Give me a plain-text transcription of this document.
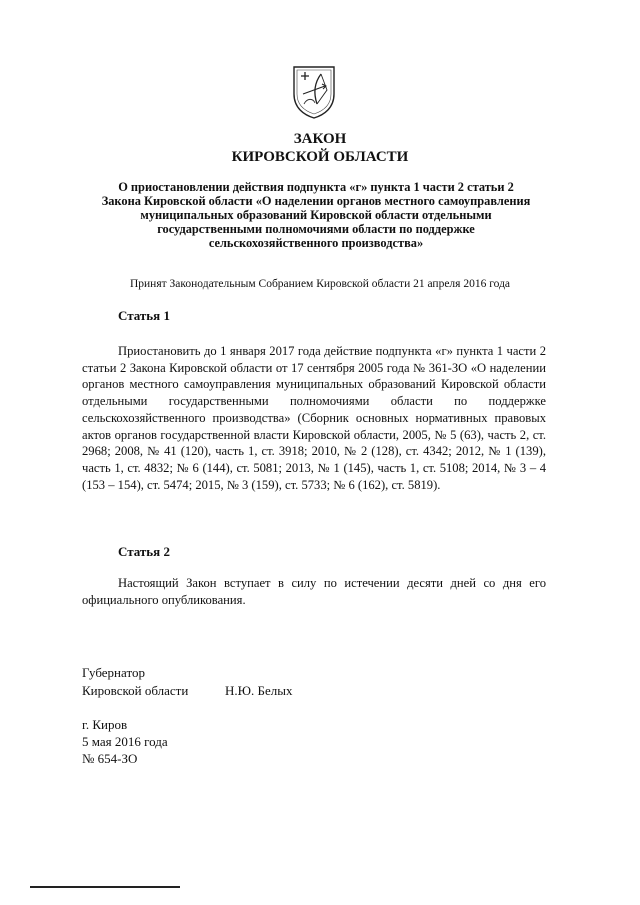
ЗАКОН
КИРОВСКОЙ ОБЛАСТИ
О приостановлении действия подпункта «г» пункта 1 части 2 статьи 2 Закона Кировской области «О наделении органов местного самоуправления муниципальных образований Кировской области отдельными государственными полномочиями области по поддержке сельскохозяйственного производства»
Принят Законодательным Собранием Кировской области 21 апреля 2016 года
Статья 1
Приостановить до 1 января 2017 года действие подпункта «г» пункта 1 части 2 статьи 2 Закона Кировской области от 17 сентября 2005 года № 361-ЗО «О наделении органов местного самоуправления муниципальных образований Кировской области отдельными государственными полномочиями области по поддержке сельскохозяйственного производства» (Сборник основных нормативных правовых актов органов государственной власти Кировской области, 2005, № 5 (63), часть 2, ст. 2968; 2008, № 41 (120), часть 1, ст. 3918; 2010, № 2 (128), ст. 4342; 2012, № 1 (139), часть 1, ст. 4832; № 6 (144), ст. 5081; 2013, № 1 (145), часть 1, ст. 5108; 2014, № 3 – 4 (153 – 154), ст. 5474; 2015, № 3 (159), ст. 5733; № 6 (162), ст. 5819).
Статья 2
Настоящий Закон вступает в силу по истечении десяти дней со дня его официального опубликования.
Губернатор
Кировской области	Н.Ю. Белых
г. Киров
5 мая 2016 года
№ 654-ЗО
